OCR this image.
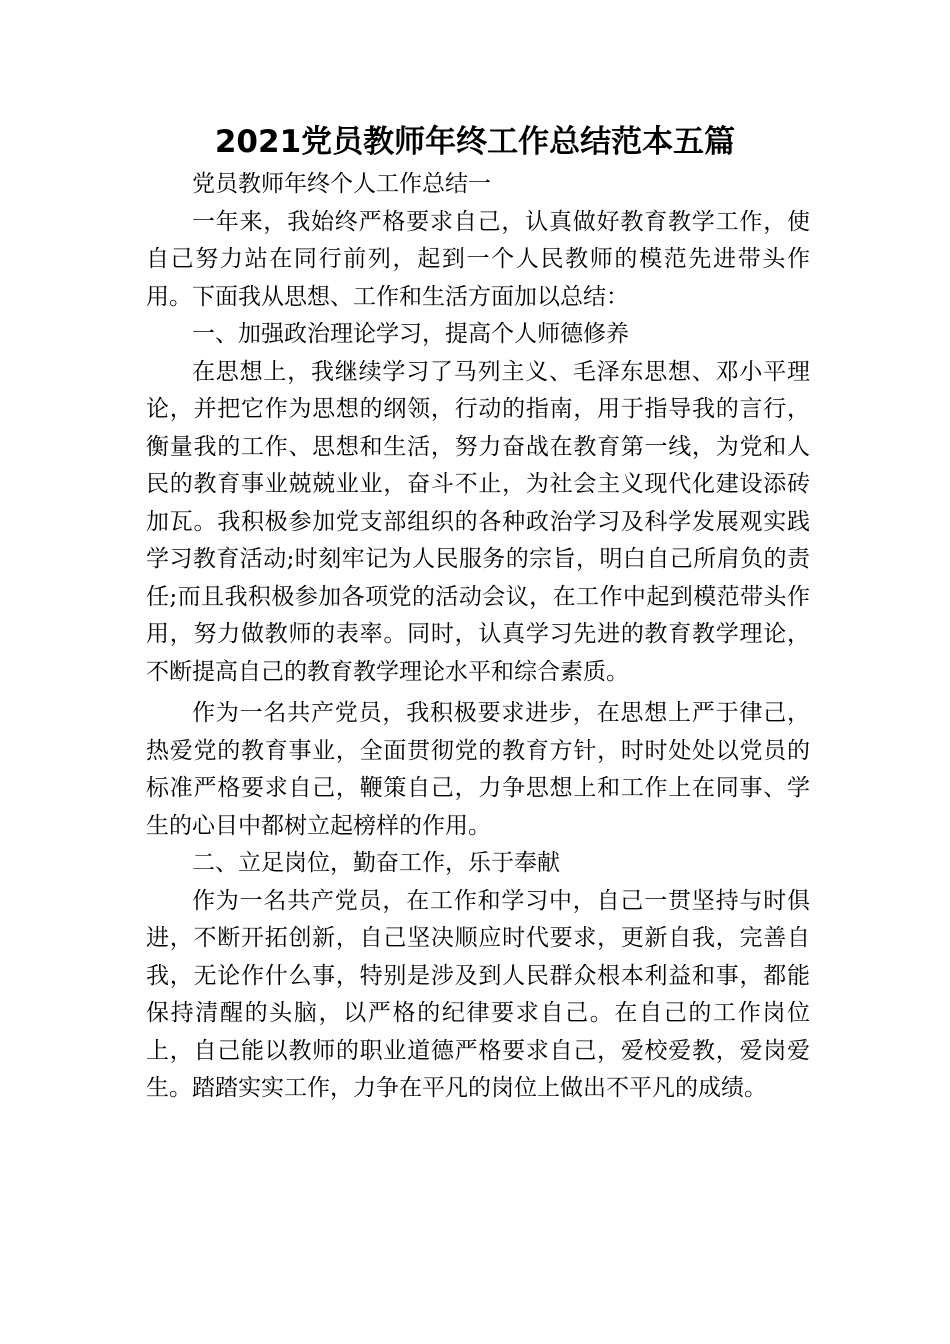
2021党员教师年终工作总结范本五篇

党员教师年终个人工作总结一

一年来，我始终严格要求自己，认真做好教育教学工作，使自己努力站在同行前列，起到一个人民教师的模范先进带头作用。下面我从思想、工作和生活方面加以总结：

一、加强政治理论学习，提高个人师德修养

在思想上，我继续学习了马列主义、毛泽东思想、邓小平理论，并把它作为思想的纲领，行动的指南，用于指导我的言行，衡量我的工作、思想和生活，努力奋战在教育第一线，为党和人民的教育事业兢兢业业，奋斗不止，为社会主义现代化建设添砖加瓦。我积极参加党支部组织的各种政治学习及科学发展观实践学习教育活动;时刻牢记为人民服务的宗旨，明白自己所肩负的责任;而且我积极参加各项党的活动会议，在工作中起到模范带头作用，努力做教师的表率。同时，认真学习先进的教育教学理论，不断提高自己的教育教学理论水平和综合素质。

作为一名共产党员，我积极要求进步，在思想上严于律己，热爱党的教育事业，全面贯彻党的教育方针，时时处处以党员的标准严格要求自己，鞭策自己，力争思想上和工作上在同事、学生的心目中都树立起榜样的作用。

二、立足岗位，勤奋工作，乐于奉献

作为一名共产党员，在工作和学习中，自己一贯坚持与时俱进，不断开拓创新，自己坚决顺应时代要求，更新自我，完善自我，无论作什么事，特别是涉及到人民群众根本利益和事，都能保持清醒的头脑，以严格的纪律要求自己。在自己的工作岗位上，自己能以教师的职业道德严格要求自己，爱校爱教，爱岗爱生。踏踏实实工作，力争在平凡的岗位上做出不平凡的成绩。
